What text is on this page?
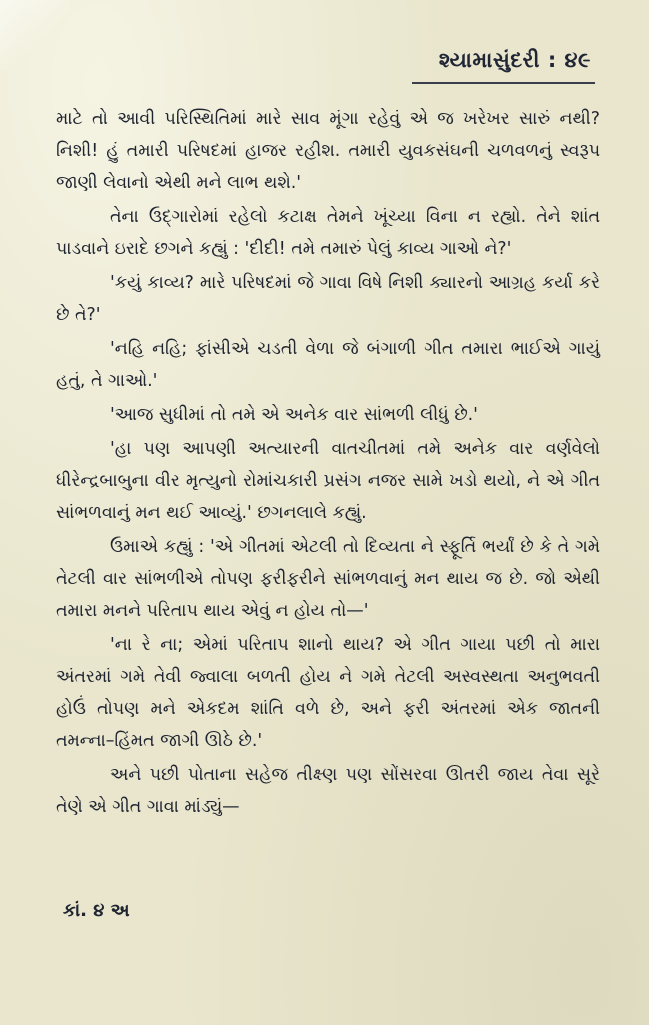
શ્યામાસુંદરી : ૪૯

માટે તો આવી પરિસ્થિતિમાં મારે સાવ મૂંગા રહેવું એ જ ખરેખર સારું નથી? નિશી! હું તમારી પરિષદમાં હાજર રહીશ. તમારી યુવકસંઘની ચળવળનું સ્વરૂપ જાણી લેવાનો એથી મને લાભ થશે.'

તેના ઉદ્ગારોમાં રહેલો કટાક્ષ તેમને ખૂંચ્યા વિના ન રહ્યો. તેને શાંત પાડવાને ઇરાદે છગને કહ્યું : 'દીદી! તમે તમારું પેલું કાવ્ય ગાઓ ને?'

'કયું કાવ્ય? મારે પરિષદમાં જે ગાવા વિષે નિશી ક્યારનો આગ્રહ કર્યા કરે છે તે?'

'નહિ નહિ; ફાંસીએ ચડતી વેળા જે બંગાળી ગીત તમારા ભાઈએ ગાયું હતું, તે ગાઓ.'

'આજ સુધીમાં તો તમે એ અનેક વાર સાંભળી લીધું છે.'

'હા પણ આપણી અત્યારની વાતચીતમાં તમે અનેક વાર વર્ણવેલો ધીરેન્દ્રબાબુના વીર મૃત્યુનો રોમાંચકારી પ્રસંગ નજર સામે ખડો થયો, ને એ ગીત સાંભળવાનું મન થઈ આવ્યું.' છગનલાલે કહ્યું.

ઉમાએ કહ્યું : 'એ ગીતમાં એટલી તો દિવ્યતા ને સ્ફૂર્તિ ભર્યાં છે કે તે ગમે તેટલી વાર સાંભળીએ તોપણ ફરીફરીને સાંભળવાનું મન થાય જ છે. જો એથી તમારા મનને પરિતાપ થાય એવું ન હોય તો—'

'ના રે ના; એમાં પરિતાપ શાનો થાય? એ ગીત ગાયા પછી તો મારા અંતરમાં ગમે તેવી જ્વાલા બળતી હોય ને ગમે તેટલી અસ્વસ્થતા અનુભવતી હોઉં તોપણ મને એકદમ શાંતિ વળે છે, અને ફરી અંતરમાં એક જાતની તમન્ના–હિંમત જાગી ઊઠે છે.'

અને પછી પોતાના સહેજ તીક્ષ્ણ પણ સોંસરવા ઊતરી જાય તેવા સૂરે તેણે એ ગીત ગાવા માંડ્યું—

કાં. ૪ અ
